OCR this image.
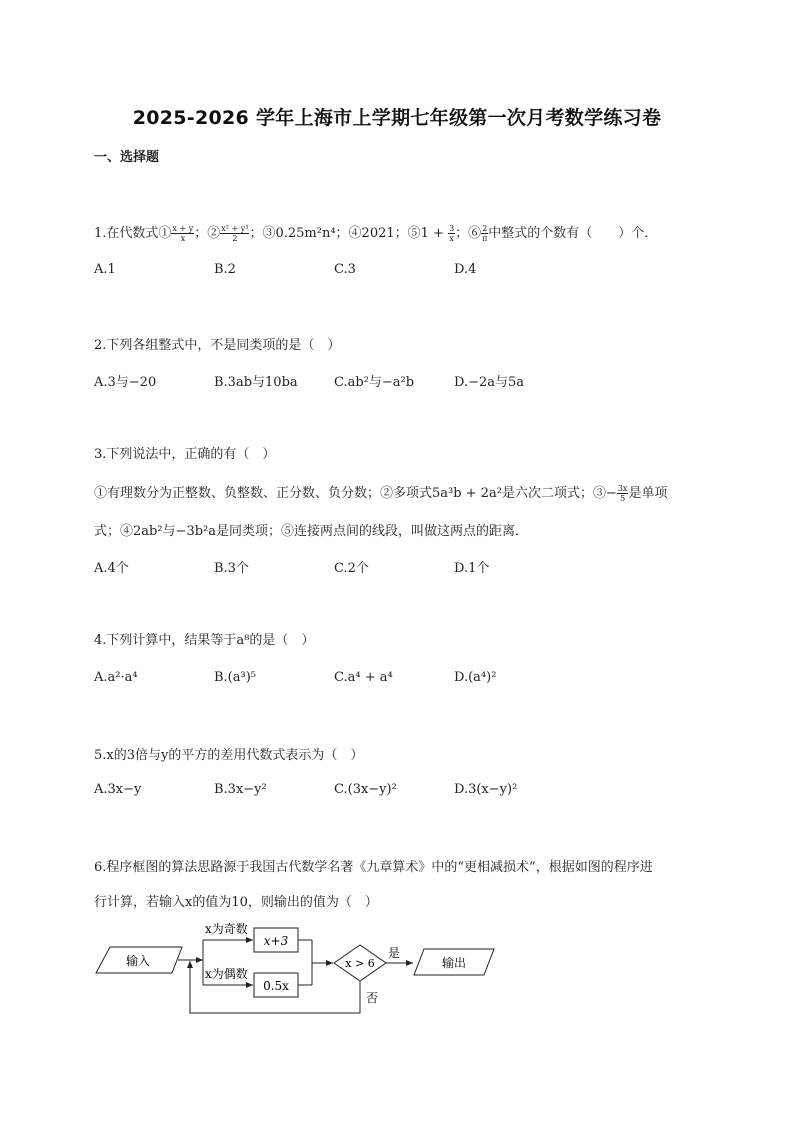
2025-2026 学年上海市上学期七年级第一次月考数学练习卷
一、选择题
1.在代数式① $\frac{x + y}{x}$ ；② $\frac{\text{x² + y³}}{2}$ ；③0.25m²n⁴；④2021；⑤1 + $\frac{3}{x}$ ；⑥ $\frac{2}{\pi}$ 中整式的个数有（　　）个．
A.1	B.2	C.3	D.4
2.下列各组整式中，不是同类项的是（　）
A.3与−20	B.3ab与10ba	C.ab²与−a²b	D.−2a与5a
3.下列说法中，正确的有（　）
①有理数分为正整数、负整数、正分数、负分数；②多项式5a³b + 2a²是六次二项式；③− $\frac{3x}{5}$ 是单项
式；④2ab²与−3b²a是同类项；⑤连接两点间的线段，叫做这两点的距离．
A.4个	B.3个	C.2个	D.1个
4.下列计算中，结果等于a⁸的是（　）
A.a²·a⁴	B.(a³)⁵	C.a⁴ + a⁴	D.(a⁴)²
5.x的3倍与y的平方的差用代数式表示为（　）
A.3x−y	B.3x−y²	C.(3x−y)²	D.3(x−y)²
6.程序框图的算法思路源于我国古代数学名著《九章算术》中的“更相减损术”，根据如图的程序进
行计算，若输入x的值为10，则输出的值为（　）
输入
x为奇数
x为偶数
x+3
0.5x
x > 6
是
输出
否
